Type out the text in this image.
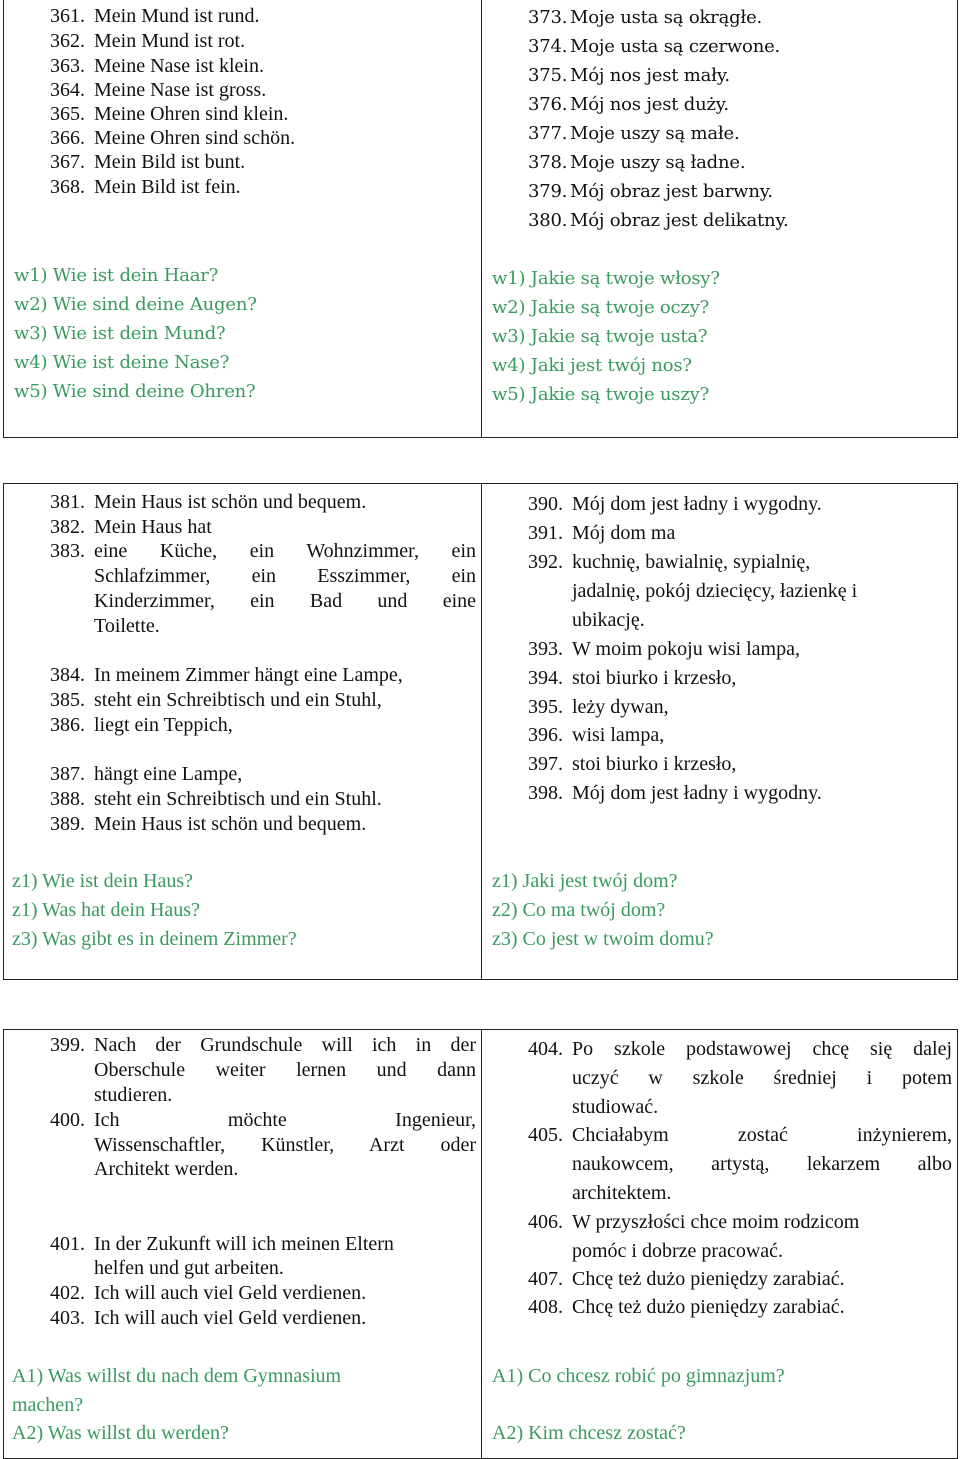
361. Mein Mund ist rund.
362. Mein Mund ist rot.
363. Meine Nase ist klein.
364. Meine Nase ist gross.
365. Meine Ohren sind klein.
366. Meine Ohren sind schön.
367. Mein Bild ist bunt.
368. Mein Bild ist fein.
w1) Wie ist dein Haar?
w2) Wie sind deine Augen?
w3) Wie ist dein Mund?
w4) Wie ist deine Nase?
w5) Wie sind deine Ohren?
373. Moje usta są okrągłe.
374. Moje usta są czerwone.
375. Mój nos jest mały.
376. Mój nos jest duży.
377. Moje uszy są małe.
378. Moje uszy są ładne.
379. Mój obraz jest barwny.
380. Mój obraz jest delikatny.
w1) Jakie są twoje włosy?
w2) Jakie są twoje oczy?
w3) Jakie są twoje usta?
w4) Jaki jest twój nos?
w5) Jakie są twoje uszy?
381. Mein Haus ist schön und bequem.
382. Mein Haus hat
383. eine Küche, ein Wohnzimmer, ein
Schlafzimmer, ein Esszimmer, ein
Kinderzimmer, ein Bad und eine
Toilette.
384. In meinem Zimmer hängt eine Lampe,
385. steht ein Schreibtisch und ein Stuhl,
386. liegt ein Teppich,
387. hängt eine Lampe,
388. steht ein Schreibtisch und ein Stuhl.
389. Mein Haus ist schön und bequem.
z1) Wie ist dein Haus?
z1) Was hat dein Haus?
z3) Was gibt es in deinem Zimmer?
390. Mój dom jest ładny i wygodny.
391. Mój dom ma
392. kuchnię, bawialnię, sypialnię,
jadalnię, pokój dziecięcy, łazienkę i
ubikację.
393. W moim pokoju wisi lampa,
394. stoi biurko i krzesło,
395. leży dywan,
396. wisi lampa,
397. stoi biurko i krzesło,
398. Mój dom jest ładny i wygodny.
z1) Jaki jest twój dom?
z2) Co ma twój dom?
z3) Co jest w twoim domu?
399. Nach der Grundschule will ich in der
Oberschule weiter lernen und dann
studieren.
400. Ich möchte Ingenieur,
Wissenschaftler, Künstler, Arzt oder
Architekt werden.
401. In der Zukunft will ich meinen Eltern
helfen und gut arbeiten.
402. Ich will auch viel Geld verdienen.
403. Ich will auch viel Geld verdienen.
A1) Was willst du nach dem Gymnasium
machen?
A2) Was willst du werden?
404. Po szkole podstawowej chcę się dalej
uczyć w szkole średniej i potem
studiować.
405. Chciałabym zostać inżynierem,
naukowcem, artystą, lekarzem albo
architektem.
406. W przyszłości chce moim rodzicom
pomóc i dobrze pracować.
407. Chcę też dużo pieniędzy zarabiać.
408. Chcę też dużo pieniędzy zarabiać.
A1) Co chcesz robić po gimnazjum?
A2) Kim chcesz zostać?
